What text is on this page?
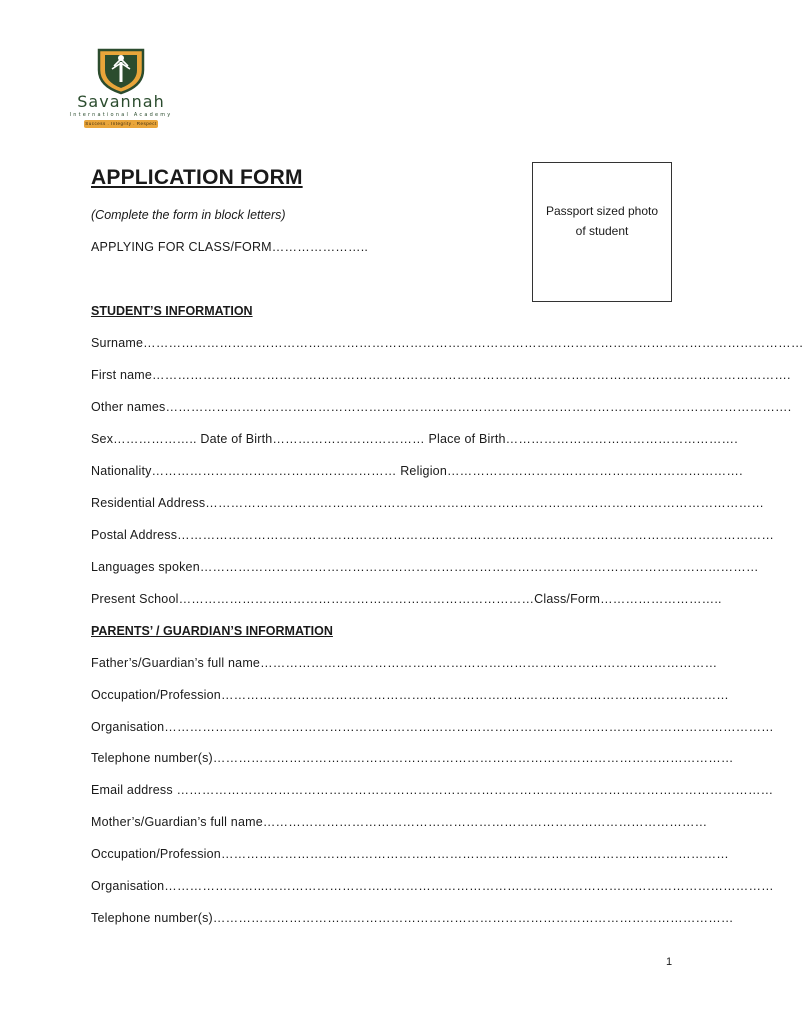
Savannah
International Academy
Success . Integrity . Respect
APPLICATION FORM
(Complete the form in block letters)
APPLYING FOR CLASS/FORM…………………..
Passport sized photo
of student
STUDENT’S INFORMATION
Surname…………………………………………………………………………………………………………………………………………
First name…………………………………………………………………………………………………………………………………….
Other names………………………………………………………………………………………………………………………………….
Sex……………….. Date of Birth……………………………… Place of Birth……………………………………………….
Nationality………………………………….……………… Religion…………………………………………………………….
Residential Address……………………………………………………………………………………………………………………
Postal Address……………………………………………………………………………………………………………………………
Languages spoken……………………………………………………………………………………………………………………
Present School…………………………………………………………………………Class/Form………………………..
PARENTS’ / GUARDIAN’S INFORMATION
Father’s/Guardian’s full name………………………………………………………………………………………………
Occupation/Profession…………………………………………………………………………………………………………
Organisation………………………………………………………………………………………………………………………………
Telephone number(s)……………………………………………………………………………………………………………
Email address ……………………………………………………………………………………………………………………………
Mother’s/Guardian’s full name……………………………………………………………………………………………
Occupation/Profession…………………………………………………………………………………………………………
Organisation………………………………………………………………………………………………………………………………
Telephone number(s)……………………………………………………………………………………………………………
1
